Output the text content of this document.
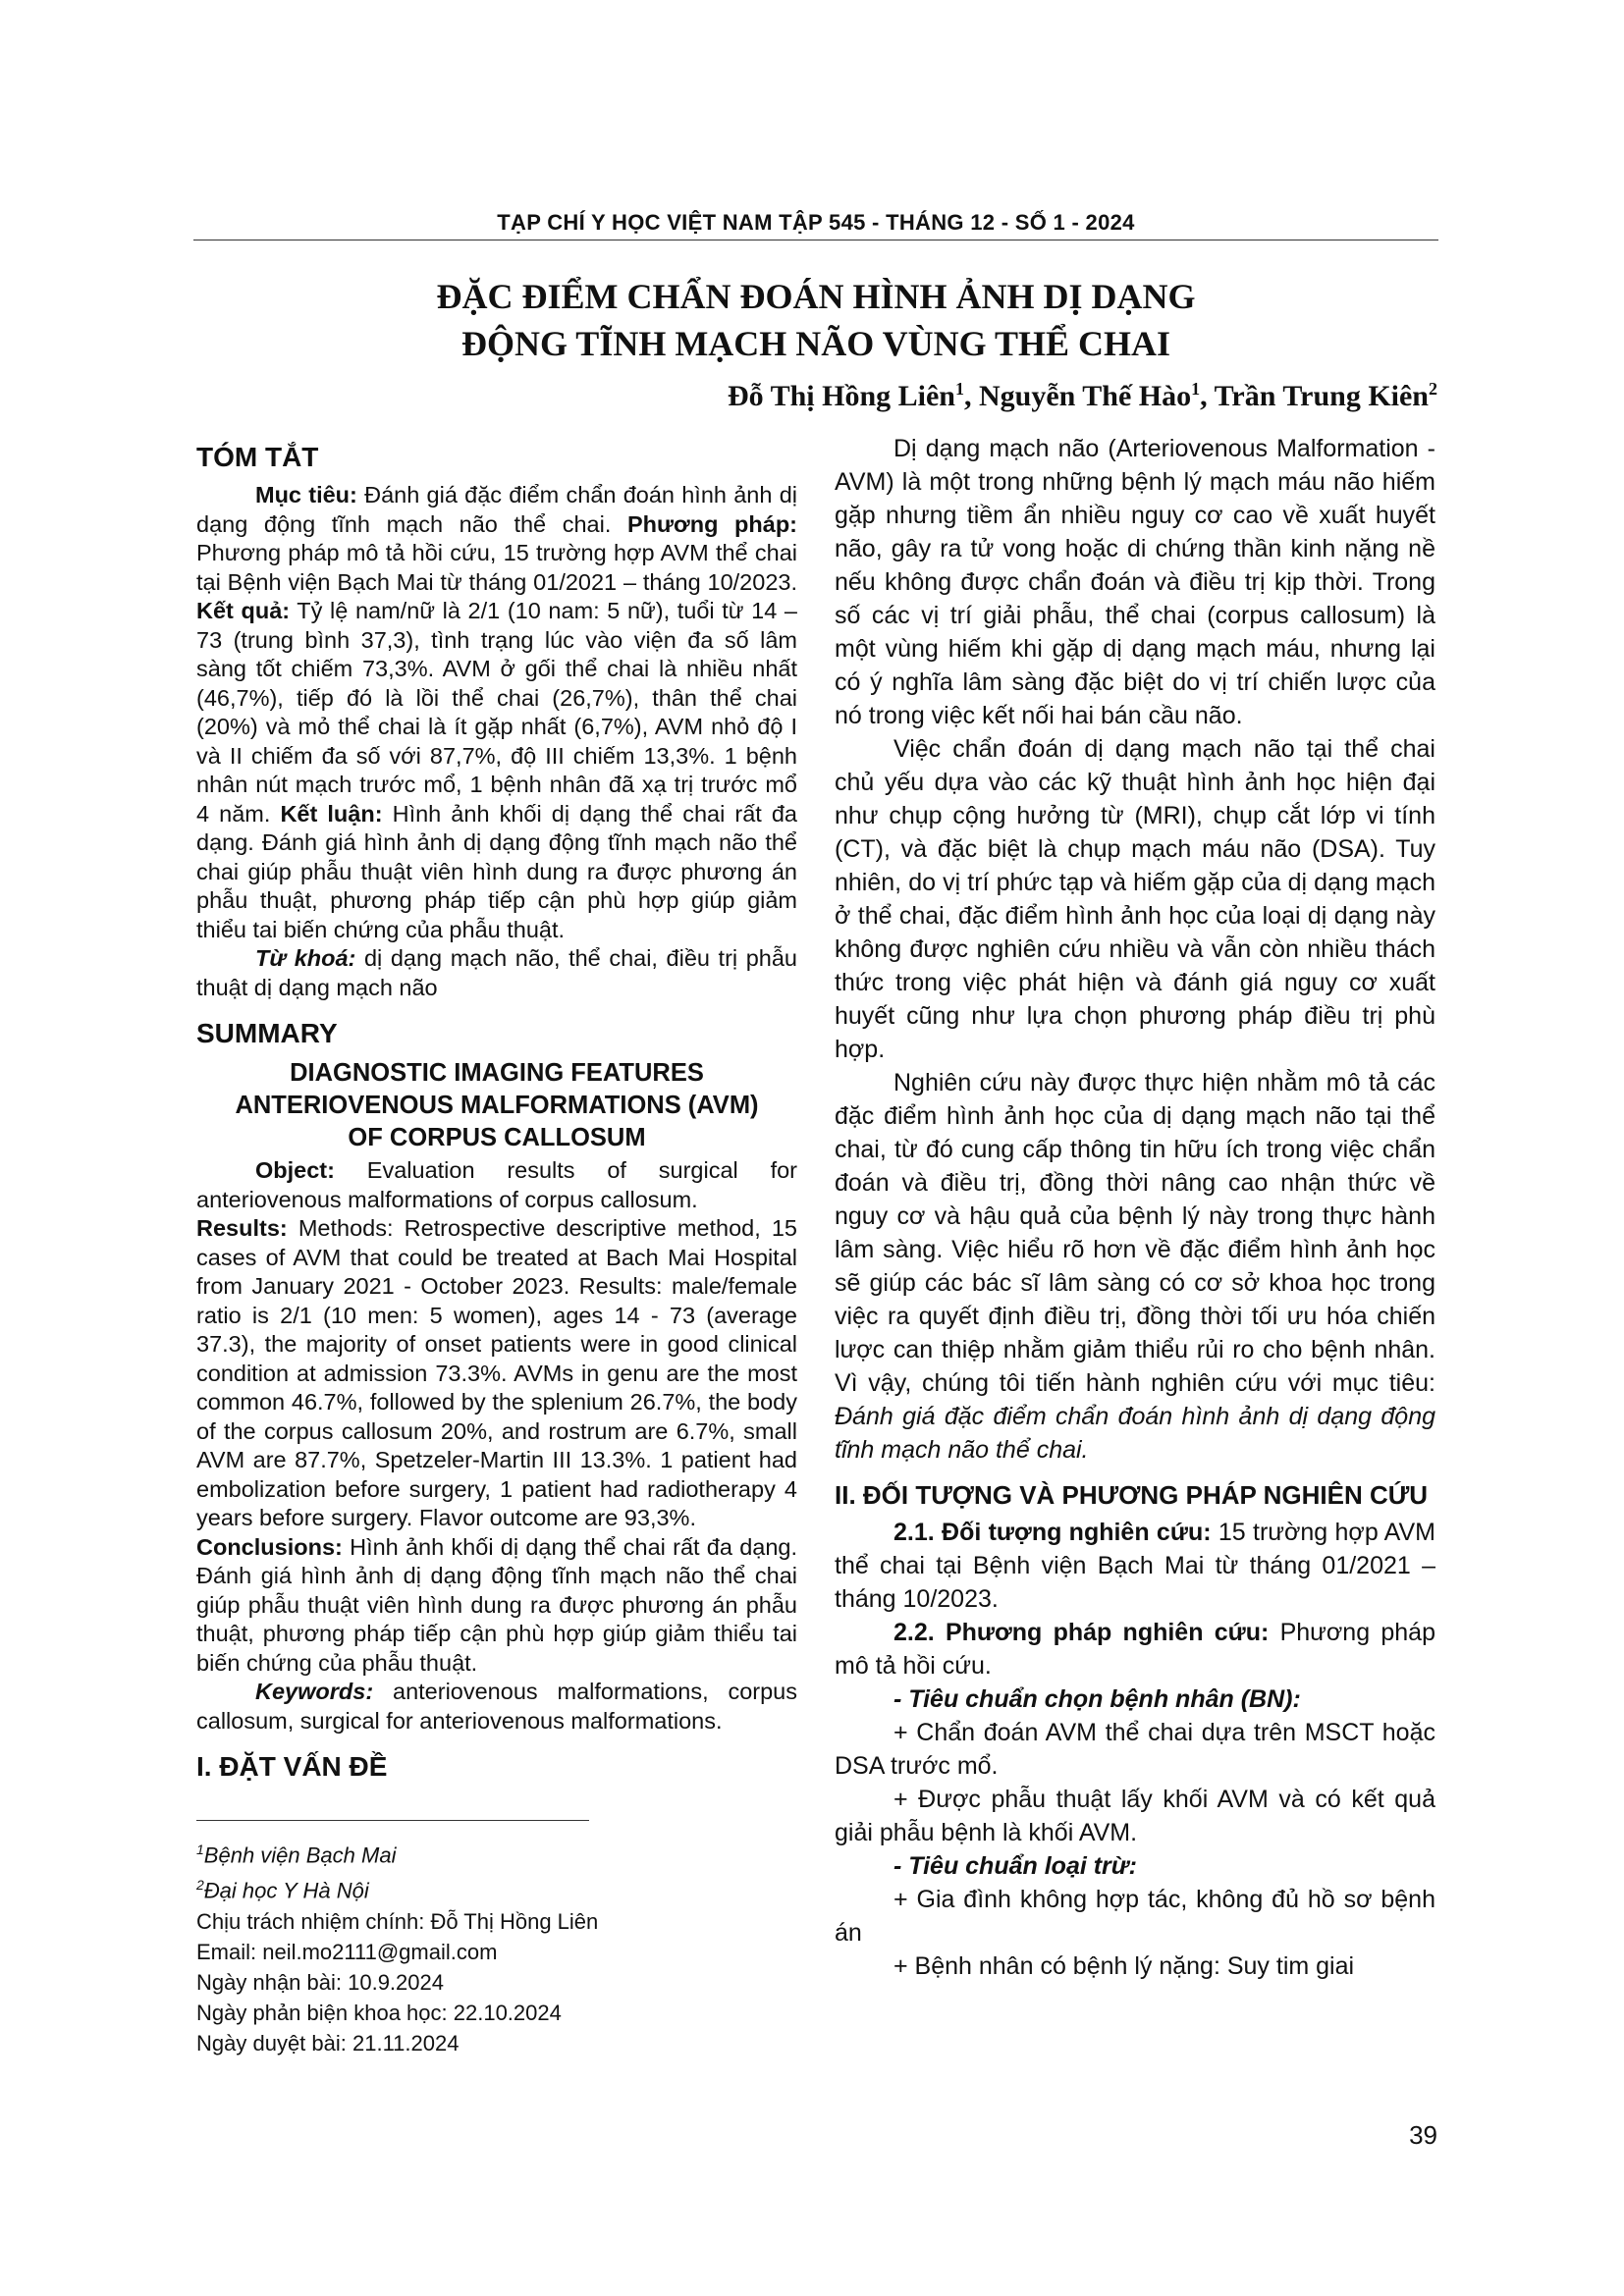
TẠP CHÍ Y HỌC VIỆT NAM TẬP 545 - THÁNG 12 - SỐ 1 - 2024
ĐẶC ĐIỂM CHẨN ĐOÁN HÌNH ẢNH DỊ DẠNG
ĐỘNG TĨNH MẠCH NÃO VÙNG THỂ CHAI
Đỗ Thị Hồng Liên$^1$, Nguyễn Thế Hào$^1$, Trần Trung Kiên$^2$

TÓM TẮT

Mục tiêu: Đánh giá đặc điểm chẩn đoán hình ảnh dị dạng động tĩnh mạch não thể chai. Phương pháp: Phương pháp mô tả hồi cứu, 15 trường hợp AVM thể chai tại Bệnh viện Bạch Mai từ tháng 01/2021 – tháng 10/2023. Kết quả: Tỷ lệ nam/nữ là 2/1 (10 nam: 5 nữ), tuổi từ 14 – 73 (trung bình 37,3), tình trạng lúc vào viện đa số lâm sàng tốt chiếm 73,3%. AVM ở gối thể chai là nhiều nhất (46,7%), tiếp đó là lồi thể chai (26,7%), thân thể chai (20%) và mỏ thể chai là ít gặp nhất (6,7%), AVM nhỏ độ I và II chiếm đa số với 87,7%, độ III chiếm 13,3%. 1 bệnh nhân nút mạch trước mổ, 1 bệnh nhân đã xạ trị trước mổ 4 năm. Kết luận: Hình ảnh khối dị dạng thể chai rất đa dạng. Đánh giá hình ảnh dị dạng động tĩnh mạch não thể chai giúp phẫu thuật viên hình dung ra được phương án phẫu thuật, phương pháp tiếp cận phù hợp giúp giảm thiểu tai biến chứng của phẫu thuật.

Từ khoá: dị dạng mạch não, thể chai, điều trị phẫu thuật dị dạng mạch não

SUMMARY

DIAGNOSTIC IMAGING FEATURES
ANTERIOVENOUS MALFORMATIONS (AVM)
OF CORPUS CALLOSUM

Object: Evaluation results of surgical for anteriovenous malformations of corpus callosum.

Results: Methods: Retrospective descriptive method, 15 cases of AVM that could be treated at Bach Mai Hospital from January 2021 - October 2023. Results: male/female ratio is 2/1 (10 men: 5 women), ages 14 - 73 (average 37.3), the majority of onset patients were in good clinical condition at admission 73.3%. AVMs in genu are the most common 46.7%, followed by the splenium 26.7%, the body of the corpus callosum 20%, and rostrum are 6.7%, small AVM are 87.7%, Spetzeler-Martin III 13.3%. 1 patient had embolization before surgery, 1 patient had radiotherapy 4 years before surgery. Flavor outcome are 93,3%.

Conclusions: Hình ảnh khối dị dạng thể chai rất đa dạng. Đánh giá hình ảnh dị dạng động tĩnh mạch não thể chai giúp phẫu thuật viên hình dung ra được phương án phẫu thuật, phương pháp tiếp cận phù hợp giúp giảm thiểu tai biến chứng của phẫu thuật.

Keywords: anteriovenous malformations, corpus callosum, surgical for anteriovenous malformations.

I. ĐẶT VẤN ĐỀ

$^1$Bệnh viện Bạch Mai

$^2$Đại học Y Hà Nội

Chịu trách nhiệm chính: Đỗ Thị Hồng Liên

Email: neil.mo2111@gmail.com

Ngày nhận bài: 10.9.2024

Ngày phản biện khoa học: 22.10.2024

Ngày duyệt bài: 21.11.2024

Dị dạng mạch não (Arteriovenous Malformation - AVM) là một trong những bệnh lý mạch máu não hiếm gặp nhưng tiềm ẩn nhiều nguy cơ cao về xuất huyết não, gây ra tử vong hoặc di chứng thần kinh nặng nề nếu không được chẩn đoán và điều trị kịp thời. Trong số các vị trí giải phẫu, thể chai (corpus callosum) là một vùng hiếm khi gặp dị dạng mạch máu, nhưng lại có ý nghĩa lâm sàng đặc biệt do vị trí chiến lược của nó trong việc kết nối hai bán cầu não.

Việc chẩn đoán dị dạng mạch não tại thể chai chủ yếu dựa vào các kỹ thuật hình ảnh học hiện đại như chụp cộng hưởng từ (MRI), chụp cắt lớp vi tính (CT), và đặc biệt là chụp mạch máu não (DSA). Tuy nhiên, do vị trí phức tạp và hiếm gặp của dị dạng mạch ở thể chai, đặc điểm hình ảnh học của loại dị dạng này không được nghiên cứu nhiều và vẫn còn nhiều thách thức trong việc phát hiện và đánh giá nguy cơ xuất huyết cũng như lựa chọn phương pháp điều trị phù hợp.

Nghiên cứu này được thực hiện nhằm mô tả các đặc điểm hình ảnh học của dị dạng mạch não tại thể chai, từ đó cung cấp thông tin hữu ích trong việc chẩn đoán và điều trị, đồng thời nâng cao nhận thức về nguy cơ và hậu quả của bệnh lý này trong thực hành lâm sàng. Việc hiểu rõ hơn về đặc điểm hình ảnh học sẽ giúp các bác sĩ lâm sàng có cơ sở khoa học trong việc ra quyết định điều trị, đồng thời tối ưu hóa chiến lược can thiệp nhằm giảm thiểu rủi ro cho bệnh nhân. Vì vậy, chúng tôi tiến hành nghiên cứu với mục tiêu: Đánh giá đặc điểm chẩn đoán hình ảnh dị dạng động tĩnh mạch não thể chai.

II. ĐỐI TƯỢNG VÀ PHƯƠNG PHÁP NGHIÊN CỨU

2.1. Đối tượng nghiên cứu: 15 trường hợp AVM thể chai tại Bệnh viện Bạch Mai từ tháng 01/2021 – tháng 10/2023.

2.2. Phương pháp nghiên cứu: Phương pháp mô tả hồi cứu.

- Tiêu chuẩn chọn bệnh nhân (BN):

+ Chẩn đoán AVM thể chai dựa trên MSCT hoặc DSA trước mổ.

+ Được phẫu thuật lấy khối AVM và có kết quả giải phẫu bệnh là khối AVM.

- Tiêu chuẩn loại trừ:

+ Gia đình không hợp tác, không đủ hồ sơ bệnh án

+ Bệnh nhân có bệnh lý nặng: Suy tim giai

39
